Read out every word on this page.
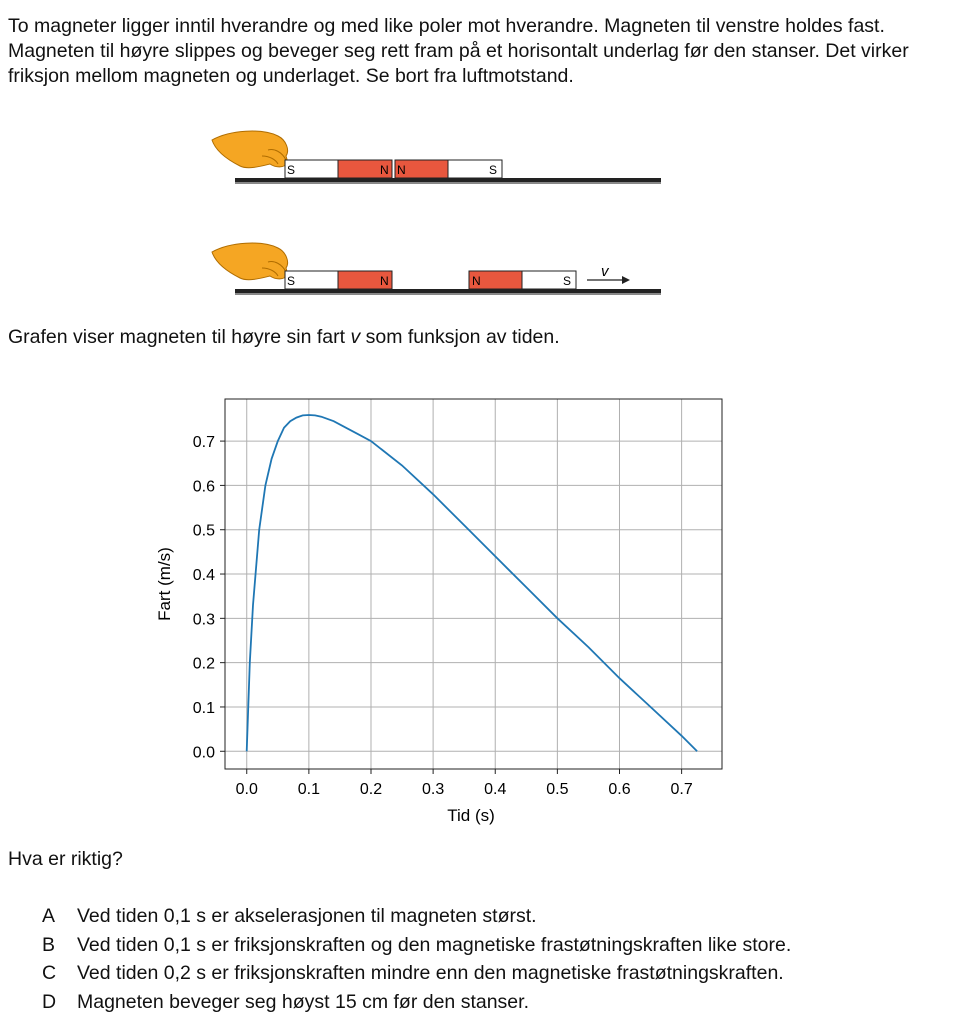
To magneter ligger inntil hverandre og med like poler mot hverandre. Magneten til venstre holdes fast. Magneten til høyre slippes og beveger seg rett fram på et horisontalt underlag før den stanser. Det virker friksjon mellom magneten og underlaget. Se bort fra luftmotstand.

S	N N	S
S	N	N	S
v

Grafen viser magneten til høyre sin fart v som funksjon av tiden.

0.0 0.1 0.2 0.3 0.4 0.5 0.6 0.7
0.0
0.1
0.2
0.3
0.4
0.5
0.6
0.7
Tid (s)
Fart (m/s)

Hva er riktig?

A Ved tiden 0,1 s er akselerasjonen til magneten størst.
B Ved tiden 0,1 s er friksjonskraften og den magnetiske frastøtningskraften like store.
C Ved tiden 0,2 s er friksjonskraften mindre enn den magnetiske frastøtningskraften.
D Magneten beveger seg høyst 15 cm før den stanser.
